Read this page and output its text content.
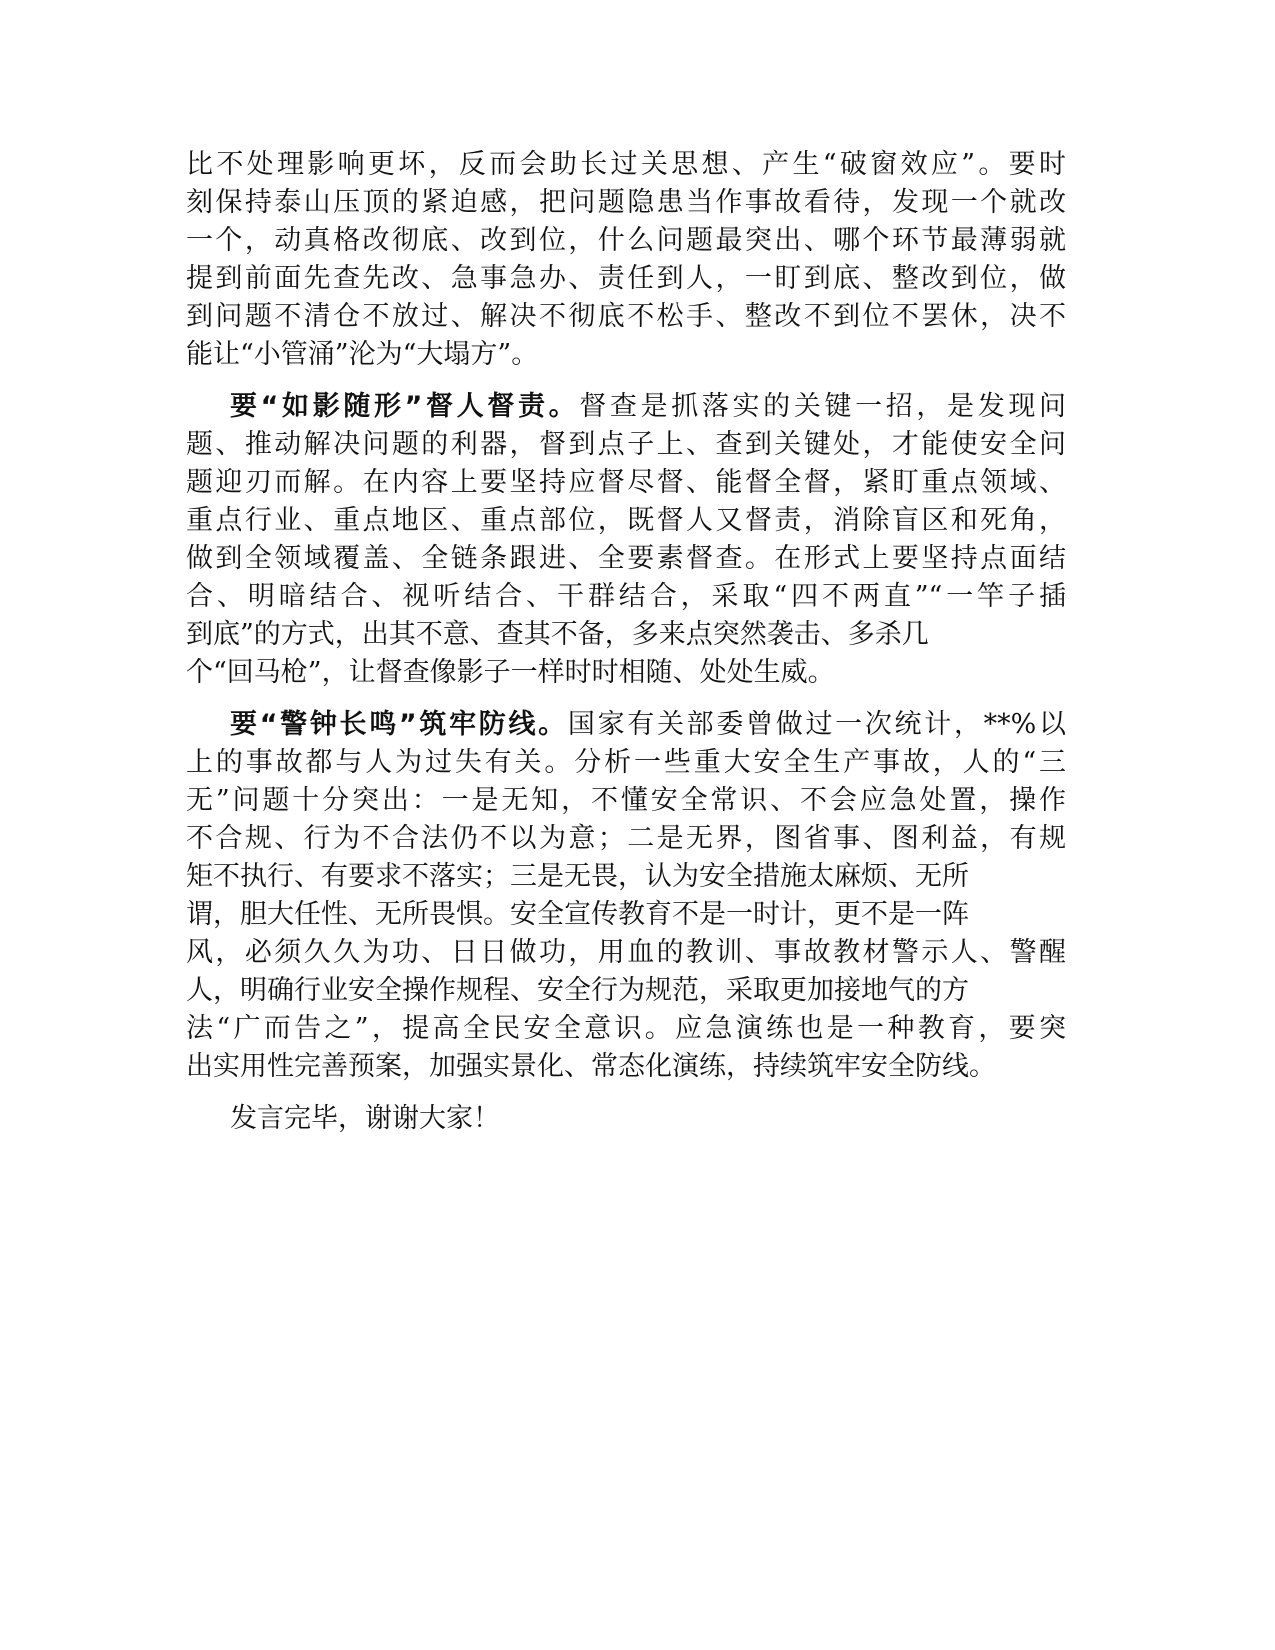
比不处理影响更坏，反而会助长过关思想、产生“破窗效应”。要时
刻保持泰山压顶的紧迫感，把问题隐患当作事故看待，发现一个就改
一个，动真格改彻底、改到位，什么问题最突出、哪个环节最薄弱就
提到前面先查先改、急事急办、责任到人，一盯到底、整改到位，做
到问题不清仓不放过、解决不彻底不松手、整改不到位不罢休，决不
能让“小管涌”沦为“大塌方”。
要“如影随形”督人督责。督查是抓落实的关键一招，是发现问
题、推动解决问题的利器，督到点子上、查到关键处，才能使安全问
题迎刃而解。在内容上要坚持应督尽督、能督全督，紧盯重点领域、
重点行业、重点地区、重点部位，既督人又督责，消除盲区和死角，
做到全领域覆盖、全链条跟进、全要素督查。在形式上要坚持点面结
合、明暗结合、视听结合、干群结合，采取“四不两直”“一竿子插
到底”的方式，出其不意、查其不备，多来点突然袭击、多杀几
个“回马枪”，让督查像影子一样时时相随、处处生威。
要“警钟长鸣”筑牢防线。国家有关部委曾做过一次统计，**%以
上的事故都与人为过失有关。分析一些重大安全生产事故，人的“三
无”问题十分突出：一是无知，不懂安全常识、不会应急处置，操作
不合规、行为不合法仍不以为意；二是无界，图省事、图利益，有规
矩不执行、有要求不落实；三是无畏，认为安全措施太麻烦、无所
谓，胆大任性、无所畏惧。安全宣传教育不是一时计，更不是一阵
风，必须久久为功、日日做功，用血的教训、事故教材警示人、警醒
人，明确行业安全操作规程、安全行为规范，采取更加接地气的方
法“广而告之”，提高全民安全意识。应急演练也是一种教育，要突
出实用性完善预案，加强实景化、常态化演练，持续筑牢安全防线。
发言完毕，谢谢大家！
